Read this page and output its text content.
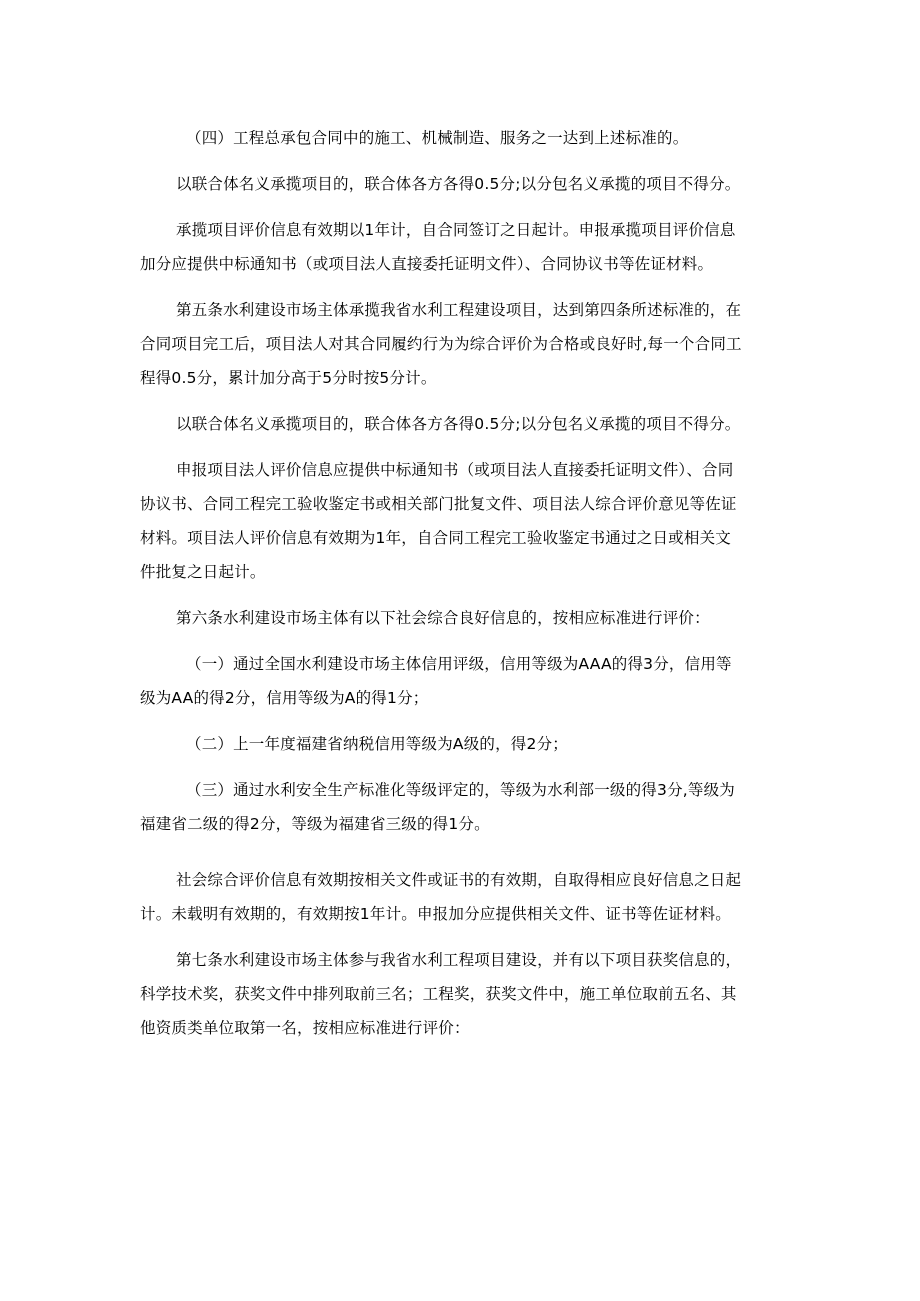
（四）工程总承包合同中的施工、机械制造、服务之一达到上述标准的。
以联合体名义承揽项目的，联合体各方各得0.5分;以分包名义承揽的项目不得分。
承揽项目评价信息有效期以1年计，自合同签订之日起计。申报承揽项目评价信息
加分应提供中标通知书（或项目法人直接委托证明文件）、合同协议书等佐证材料。
第五条水利建设市场主体承揽我省水利工程建设项目，达到第四条所述标准的，在
合同项目完工后，项目法人对其合同履约行为为综合评价为合格或良好时,每一个合同工
程得0.5分，累计加分高于5分时按5分计。
以联合体名义承揽项目的，联合体各方各得0.5分;以分包名义承揽的项目不得分。
申报项目法人评价信息应提供中标通知书（或项目法人直接委托证明文件）、合同
协议书、合同工程完工验收鉴定书或相关部门批复文件、项目法人综合评价意见等佐证
材料。项目法人评价信息有效期为1年，自合同工程完工验收鉴定书通过之日或相关文
件批复之日起计。
第六条水利建设市场主体有以下社会综合良好信息的，按相应标准进行评价：
（一）通过全国水利建设市场主体信用评级，信用等级为AAA的得3分，信用等
级为AA的得2分，信用等级为A的得1分；
（二）上一年度福建省纳税信用等级为A级的，得2分；
（三）通过水利安全生产标准化等级评定的，等级为水利部一级的得3分,等级为
福建省二级的得2分，等级为福建省三级的得1分。
社会综合评价信息有效期按相关文件或证书的有效期，自取得相应良好信息之日起
计。未载明有效期的，有效期按1年计。申报加分应提供相关文件、证书等佐证材料。
第七条水利建设市场主体参与我省水利工程项目建设，并有以下项目获奖信息的，
科学技术奖，获奖文件中排列取前三名；工程奖，获奖文件中，施工单位取前五名、其
他资质类单位取第一名，按相应标准进行评价：
